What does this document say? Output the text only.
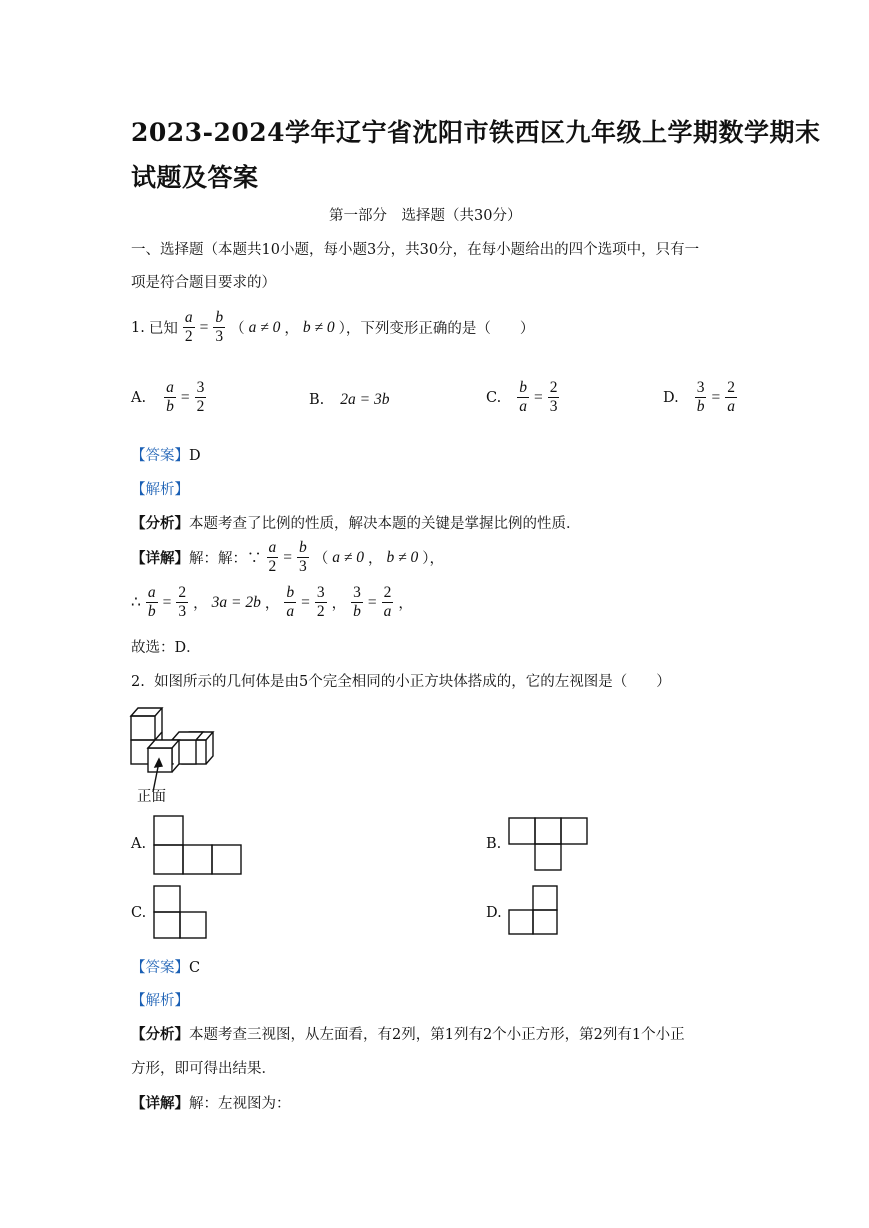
2023-2024学年辽宁省沈阳市铁西区九年级上学期数学期末
试题及答案
第一部分　选择题（共30分）
一、选择题（本题共10小题，每小题3分，共30分，在每小题给出的四个选项中，只有一
项是符合题目要求的）
1. 已知 $\frac{a}{2} = \frac{b}{3}$ （ a ≠ 0 ， b ≠ 0 ），下列变形正确的是（　　）
A. $\frac{a}{b} = \frac{3}{2}$	B. 2a = 3b	C. $\frac{b}{a} = \frac{2}{3}$	D. $\frac{3}{b} = \frac{2}{a}$
【答案】D
【解析】
【分析】本题考查了比例的性质，解决本题的关键是掌握比例的性质．
【详解】 解：解：∵ $\frac{a}{2} = \frac{b}{3}$ （ a ≠ 0 ， b ≠ 0 ），
∴ $\frac{a}{b} = \frac{2}{3}$ ， 3a = 2b ， $\frac{b}{a} = \frac{3}{2}$ ， $\frac{3}{b} = \frac{2}{a}$ ，
故选：D．
2. 如图所示的几何体是由5个完全相同的小正方块体搭成的，它的左视图是（　　）
正面
A.	B.
C.	D.
【答案】C
【解析】
【分析】本题考查三视图，从左面看，有2列，第1列有2个小正方形，第2列有1个小正
方形，即可得出结果．
【详解】解：左视图为：
